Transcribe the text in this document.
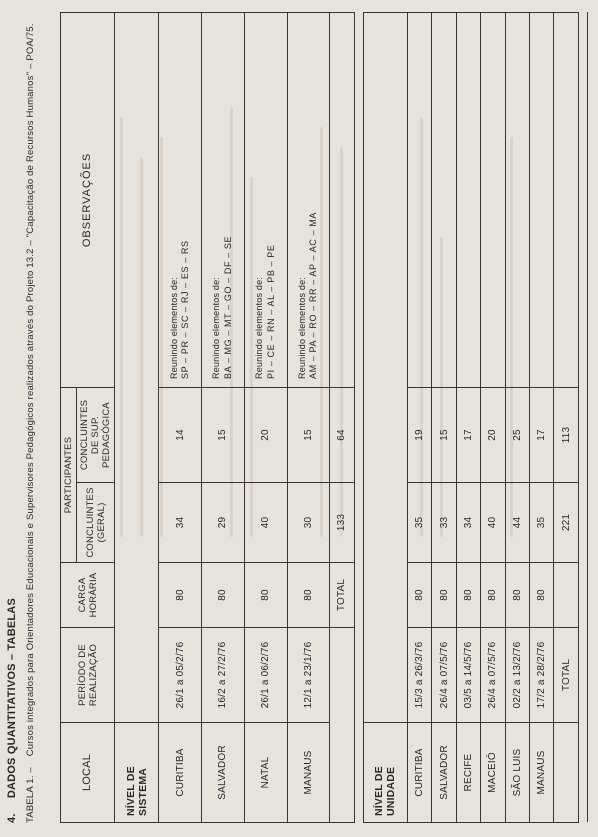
4. DADOS QUANTITATIVOS – TABELAS TABELA 1. – Cursos integrados para Orientadores Educacionais e Supervisores Pedagógicos realizados através do Projeto 13.2 – "Capacitação de Recursos Humanos" – POA/75.
LOCAL	PERÍODO DE REALIZAÇÃO	CARGA HORÁRIA	PARTICIPANTES		OBSERVAÇÕES
			CONCLUINTES (GERAL)	CONCLUINTES DE SUP. PEDAGÓGICA	
NÍVEL DE SISTEMA					
CURITIBA	26/1 a 05/2/76	80	34	14	Reunindo elementos de: SP – PR – SC – RJ – ES – RS

SALVADOR	16/2 a 27/2/76	80	29	15	Reunindo elementos de: BA – MG – MT – GO – DF – SE

NATAL	26/1 a 06/2/76	80	40	20	Reunindo elementos de: PI – CE – RN – AL – PB – PE

MANAUS	12/1 a 23/1/76	80	30	15	Reunindo elementos de: AM – PA – RO – RR – AP – AC – MA

		TOTAL	133	64	

NÍVEL DE UNIDADE					
CURITIBA	15/3 a 26/3/76	80	35	19	
SALVADOR	26/4 a 07/5/76	80	33	15	
RECIFE	03/5 a 14/5/76	80	34	17	
MACEIÓ	26/4 a 07/5/76	80	40	20	
SÃO LUIS	02/2 a 13/2/76	80	44	25	
MANAUS	17/2 a 28/2/76	80	35	17	
	TOTAL		221	113	
